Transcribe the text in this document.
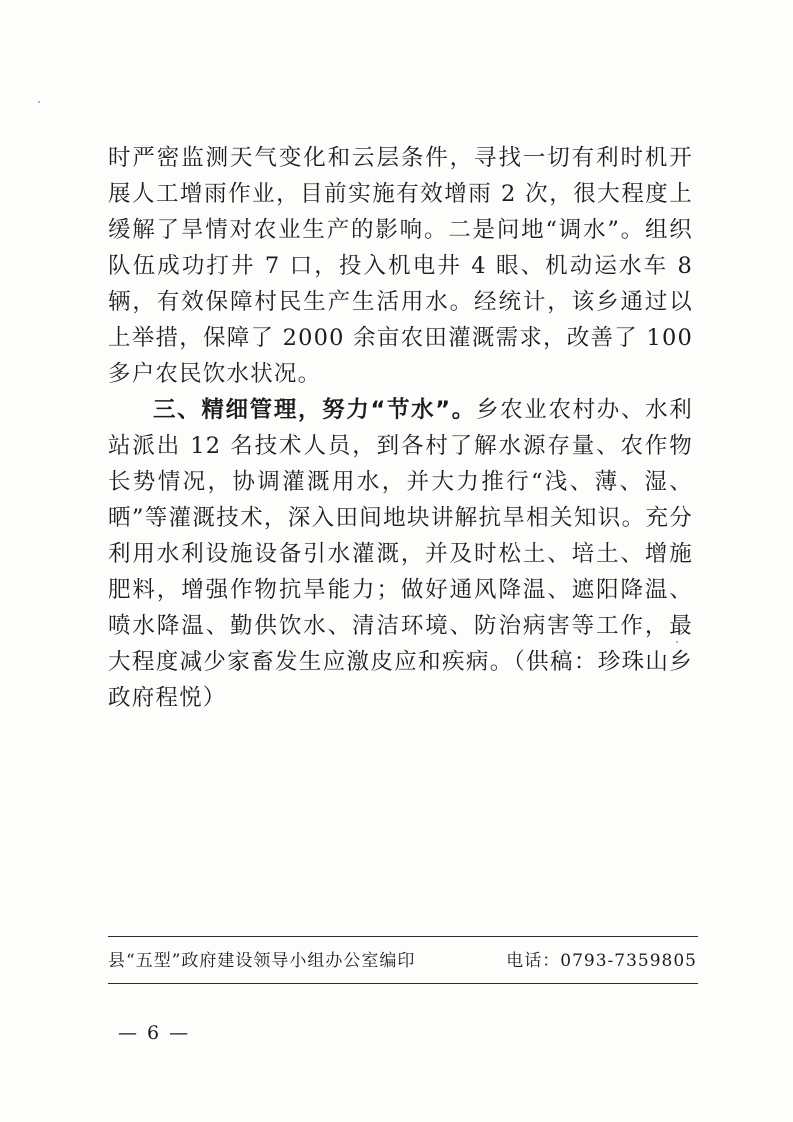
时严密监测天气变化和云层条件，寻找一切有利时机开展人工增雨作业，目前实施有效增雨 2 次，很大程度上缓解了旱情对农业生产的影响。二是问地“调水”。组织队伍成功打井 7 口，投入机电井 4 眼、机动运水车 8 辆，有效保障村民生产生活用水。经统计，该乡通过以上举措，保障了 2000 余亩农田灌溉需求，改善了 100 多户农民饮水状况。

三、精细管理，努力“节水”。乡农业农村办、水利站派出 12 名技术人员，到各村了解水源存量、农作物长势情况，协调灌溉用水，并大力推行“浅、薄、湿、晒”等灌溉技术，深入田间地块讲解抗旱相关知识。充分利用水利设施设备引水灌溉，并及时松土、培土、增施肥料，增强作物抗旱能力；做好通风降温、遮阳降温、喷水降温、勤供饮水、清洁环境、防治病害等工作，最大程度减少家畜发生应激皮应和疾病。（供稿：珍珠山乡政府程悦）

县“五型”政府建设领导小组办公室编印	电话：0793-7359805
— 6 —
